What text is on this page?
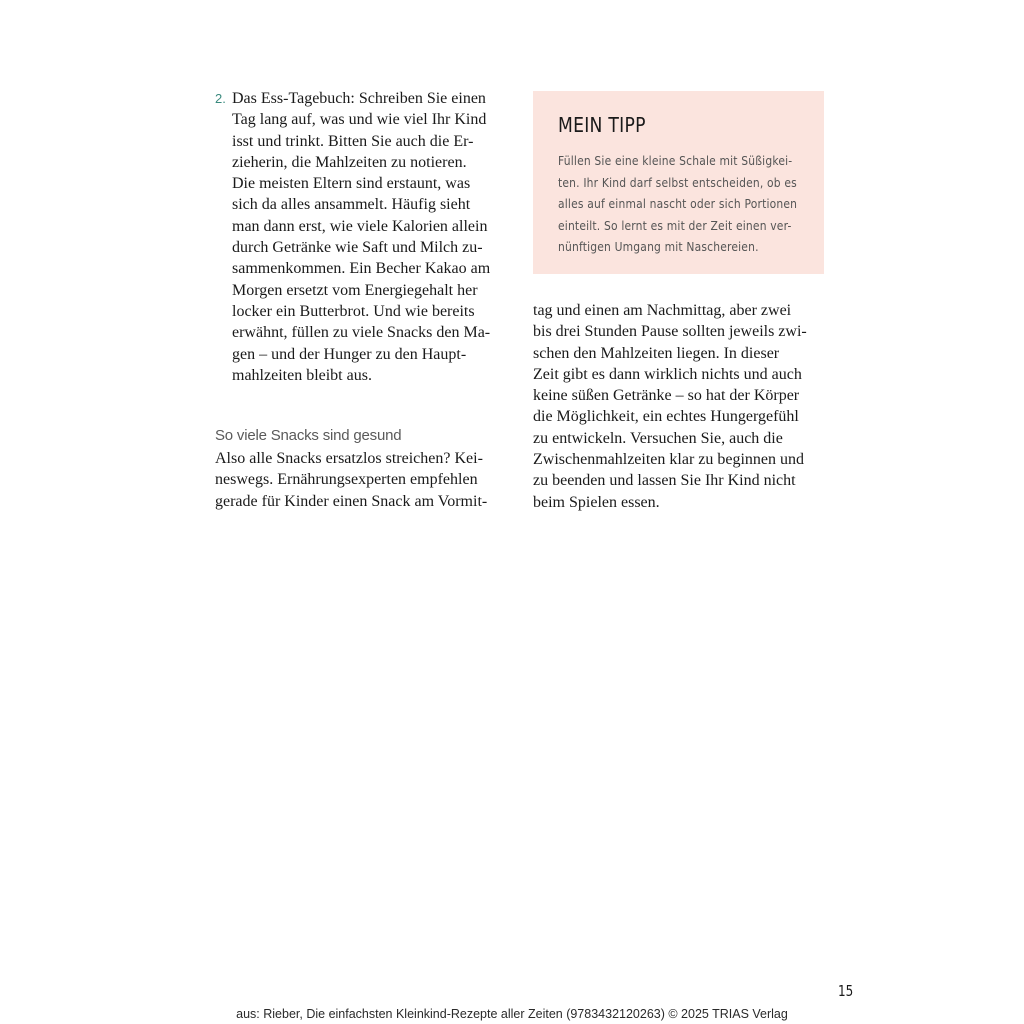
2. Das Ess-Tagebuch: Schreiben Sie einen
Tag lang auf, was und wie viel Ihr Kind
isst und trinkt. Bitten Sie auch die Er-
zieherin, die Mahlzeiten zu notieren.
Die meisten Eltern sind erstaunt, was
sich da alles ansammelt. Häufig sieht
man dann erst, wie viele Kalorien allein
durch Getränke wie Saft und Milch zu-
sammenkommen. Ein Becher Kakao am
Morgen ersetzt vom Energiegehalt her
locker ein Butterbrot. Und wie bereits
erwähnt, füllen zu viele Snacks den Ma-
gen – und der Hunger zu den Haupt-
mahlzeiten bleibt aus.
So viele Snacks sind gesund
Also alle Snacks ersatzlos streichen? Kei-
neswegs. Ernährungsexperten empfehlen
gerade für Kinder einen Snack am Vormit-
MEIN TIPP
Füllen Sie eine kleine Schale mit Süßigkei-
ten. Ihr Kind darf selbst entscheiden, ob es
alles auf einmal nascht oder sich Portionen
einteilt. So lernt es mit der Zeit einen ver-
nünftigen Umgang mit Naschereien.
tag und einen am Nachmittag, aber zwei
bis drei Stunden Pause sollten jeweils zwi-
schen den Mahlzeiten liegen. In dieser
Zeit gibt es dann wirklich nichts und auch
keine süßen Getränke – so hat der Körper
die Möglichkeit, ein echtes Hungergefühl
zu entwickeln. Versuchen Sie, auch die
Zwischenmahlzeiten klar zu beginnen und
zu beenden und lassen Sie Ihr Kind nicht
beim Spielen essen.
15
aus: Rieber, Die einfachsten Kleinkind-Rezepte aller Zeiten (9783432120263) © 2025 TRIAS Verlag
